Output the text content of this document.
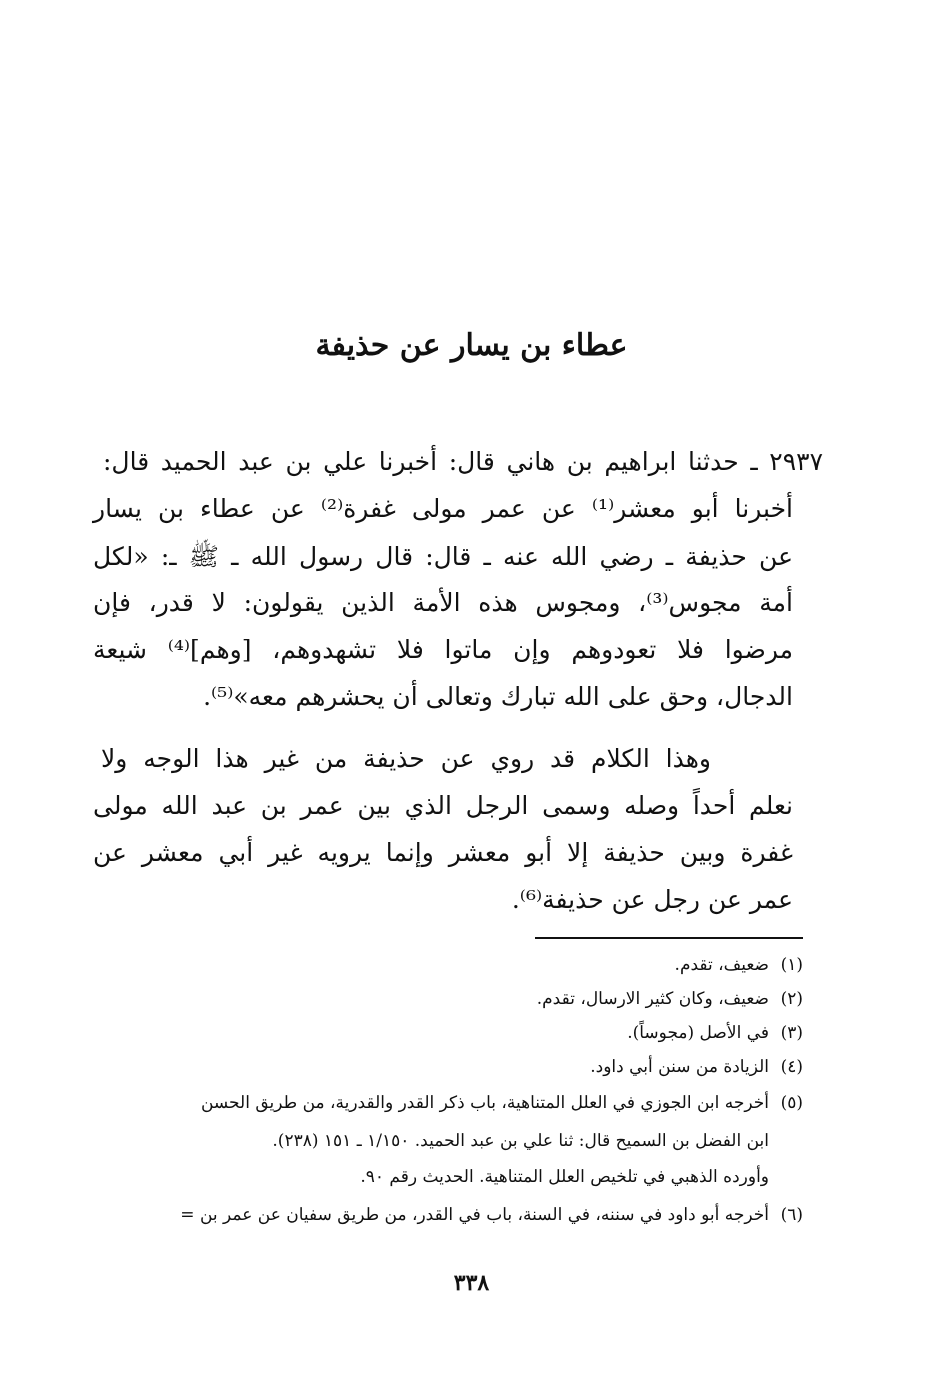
عطاء بن يسار عن حذيفة
٢٩٣٧ ـ حدثنا ابراهيم بن هاني قال: أخبرنا علي بن عبد الحميد قال:
أخبرنا أبو معشر⁽¹⁾ عن عمر مولى غفرة⁽²⁾ عن عطاء بن يسار
عن حذيفة ـ رضي الله عنه ـ قال: قال رسول الله ـ ﷺ ـ: «لكل
أمة مجوس⁽³⁾، ومجوس هذه الأمة الذين يقولون: لا قدر، فإن
مرضوا فلا تعودوهم وإن ماتوا فلا تشهدوهم، [وهم]⁽⁴⁾ شيعة
الدجال، وحق على الله تبارك وتعالى أن يحشرهم معه»⁽⁵⁾.
وهذا الكلام قد روي عن حذيفة من غير هذا الوجه ولا
نعلم أحداً وصله وسمى الرجل الذي بين عمر بن عبد الله مولى
غفرة وبين حذيفة إلا أبو معشر وإنما يرويه غير أبي معشر عن
عمر عن رجل عن حذيفة⁽⁶⁾.
(١)ضعيف، تقدم.
(٢)ضعيف، وكان كثير الارسال، تقدم.
(٣)في الأصل (مجوساً).
(٤)الزيادة من سنن أبي داود.
(٥)أخرجه ابن الجوزي في العلل المتناهية، باب ذكر القدر والقدرية، من طريق الحسن
ابن الفضل بن السميح قال: ثنا علي بن عبد الحميد. ١/١٥٠ ـ ١٥١ (٢٣٨).
وأورده الذهبي في تلخيص العلل المتناهية. الحديث رقم ٩٠.
(٦)أخرجه أبو داود في سننه، في السنة، باب في القدر، من طريق سفيان عن عمر بن =
٣٣٨
